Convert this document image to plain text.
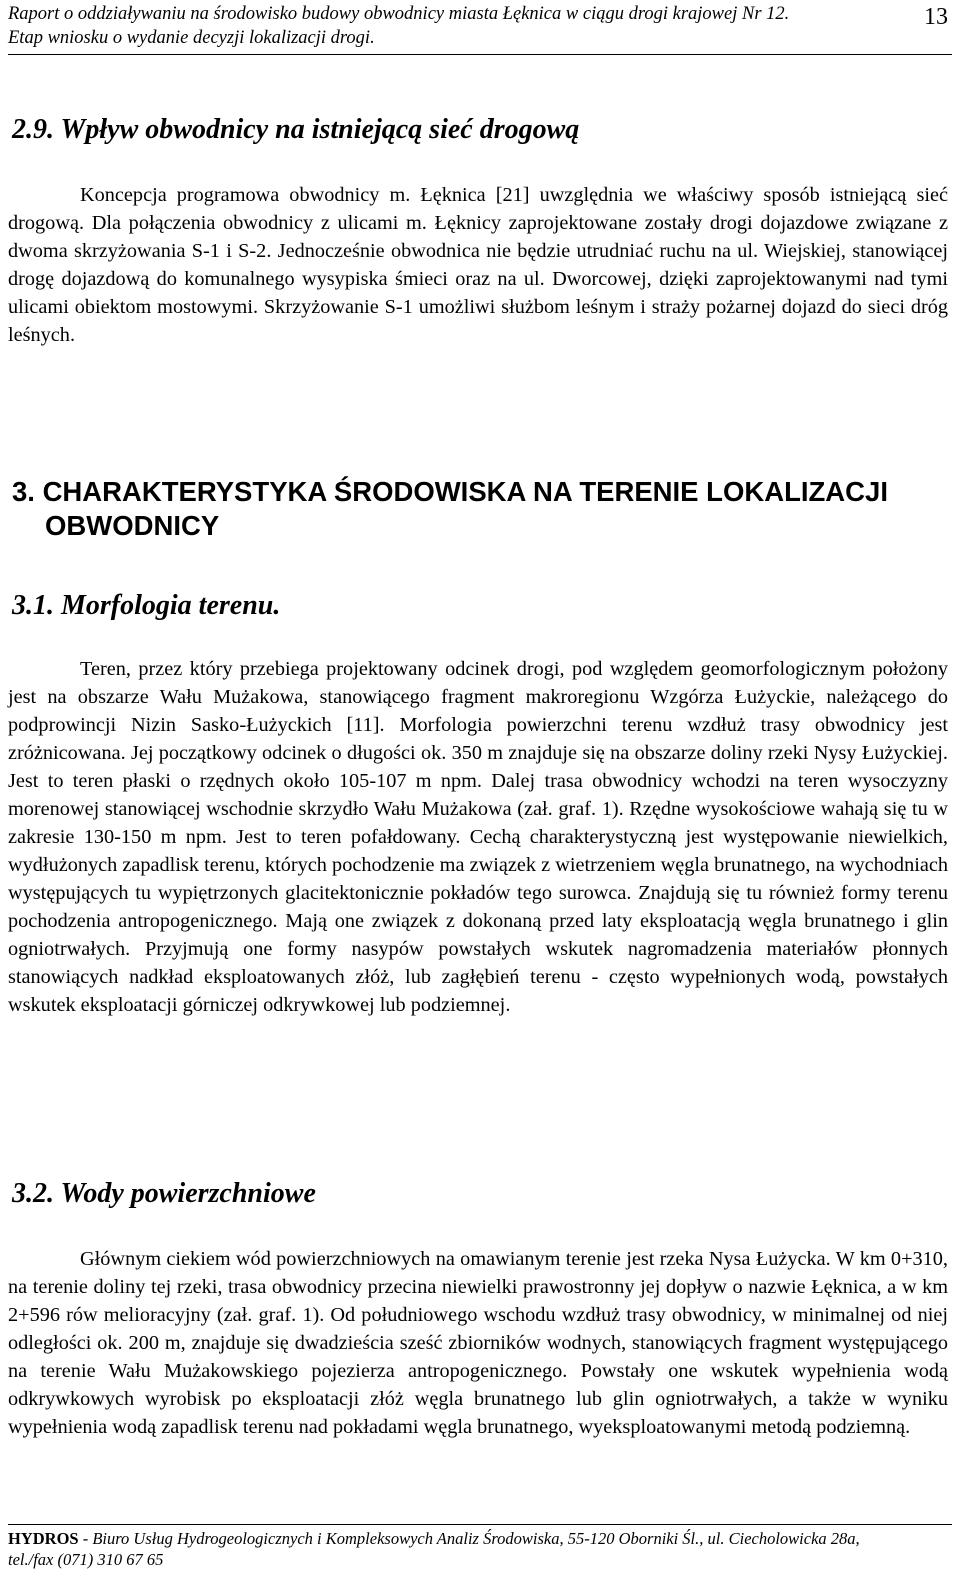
Raport o oddziaływaniu na środowisko budowy obwodnicy miasta Łęknica w ciągu drogi krajowej Nr 12.
Etap wniosku o wydanie decyzji lokalizacji drogi.
13
2.9. Wpływ obwodnicy na istniejącą sieć drogową
Koncepcja programowa obwodnicy m. Łęknica [21] uwzględnia we właściwy sposób istniejącą sieć drogową. Dla połączenia obwodnicy z ulicami m. Łęknicy zaprojektowane zostały drogi dojazdowe związane z dwoma skrzyżowania S-1 i S-2. Jednocześnie obwodnica nie będzie utrudniać ruchu na ul. Wiejskiej, stanowiącej drogę dojazdową do komunalnego wysypiska śmieci oraz na ul. Dworcowej, dzięki zaprojektowanymi nad tymi ulicami obiektom mostowymi. Skrzyżowanie S-1 umożliwi służbom leśnym i straży pożarnej dojazd do sieci dróg leśnych.
3. CHARAKTERYSTYKA ŚRODOWISKA NA TERENIE LOKALIZACJI
OBWODNICY
3.1. Morfologia terenu.
Teren, przez który przebiega projektowany odcinek drogi, pod względem geomorfologicznym położony jest na obszarze Wału Mużakowa, stanowiącego fragment makroregionu Wzgórza Łużyckie, należącego do podprowincji Nizin Sasko-Łużyckich [11]. Morfologia powierzchni terenu wzdłuż trasy obwodnicy jest zróżnicowana. Jej początkowy odcinek o długości ok. 350 m znajduje się na obszarze doliny rzeki Nysy Łużyckiej. Jest to teren płaski o rzędnych około 105-107 m npm. Dalej trasa obwodnicy wchodzi na teren wysoczyzny morenowej stanowiącej wschodnie skrzydło Wału Mużakowa (zał. graf. 1). Rzędne wysokościowe wahają się tu w zakresie 130-150 m npm. Jest to teren pofałdowany. Cechą charakterystyczną jest występowanie niewielkich, wydłużonych zapadlisk terenu, których pochodzenie ma związek z wietrzeniem węgla brunatnego, na wychodniach występujących tu wypiętrzonych glacitektonicznie pokładów tego surowca. Znajdują się tu również formy terenu pochodzenia antropogenicznego. Mają one związek z dokonaną przed laty eksploatacją węgla brunatnego i glin ogniotrwałych. Przyjmują one formy nasypów powstałych wskutek nagromadzenia materiałów płonnych stanowiących nadkład eksploatowanych złóż, lub zagłębień terenu - często wypełnionych wodą, powstałych wskutek eksploatacji górniczej odkrywkowej lub podziemnej.
3.2. Wody powierzchniowe
Głównym ciekiem wód powierzchniowych na omawianym terenie jest rzeka Nysa Łużycka. W km 0+310, na terenie doliny tej rzeki, trasa obwodnicy przecina niewielki prawostronny jej dopływ o nazwie Łęknica, a w km 2+596 rów melioracyjny (zał. graf. 1). Od południowego wschodu wzdłuż trasy obwodnicy, w minimalnej od niej odległości ok. 200 m, znajduje się dwadzieścia sześć zbiorników wodnych, stanowiących fragment występującego na terenie Wału Mużakowskiego pojezierza antropogenicznego. Powstały one wskutek wypełnienia wodą odkrywkowych wyrobisk po eksploatacji złóż węgla brunatnego lub glin ogniotrwałych, a także w wyniku wypełnienia wodą zapadlisk terenu nad pokładami węgla brunatnego, wyeksploatowanymi metodą podziemną.
HYDROS - Biuro Usług Hydrogeologicznych i Kompleksowych Analiz Środowiska, 55-120 Oborniki Śl., ul. Ciecholowicka 28a,
tel./fax (071) 310 67 65
